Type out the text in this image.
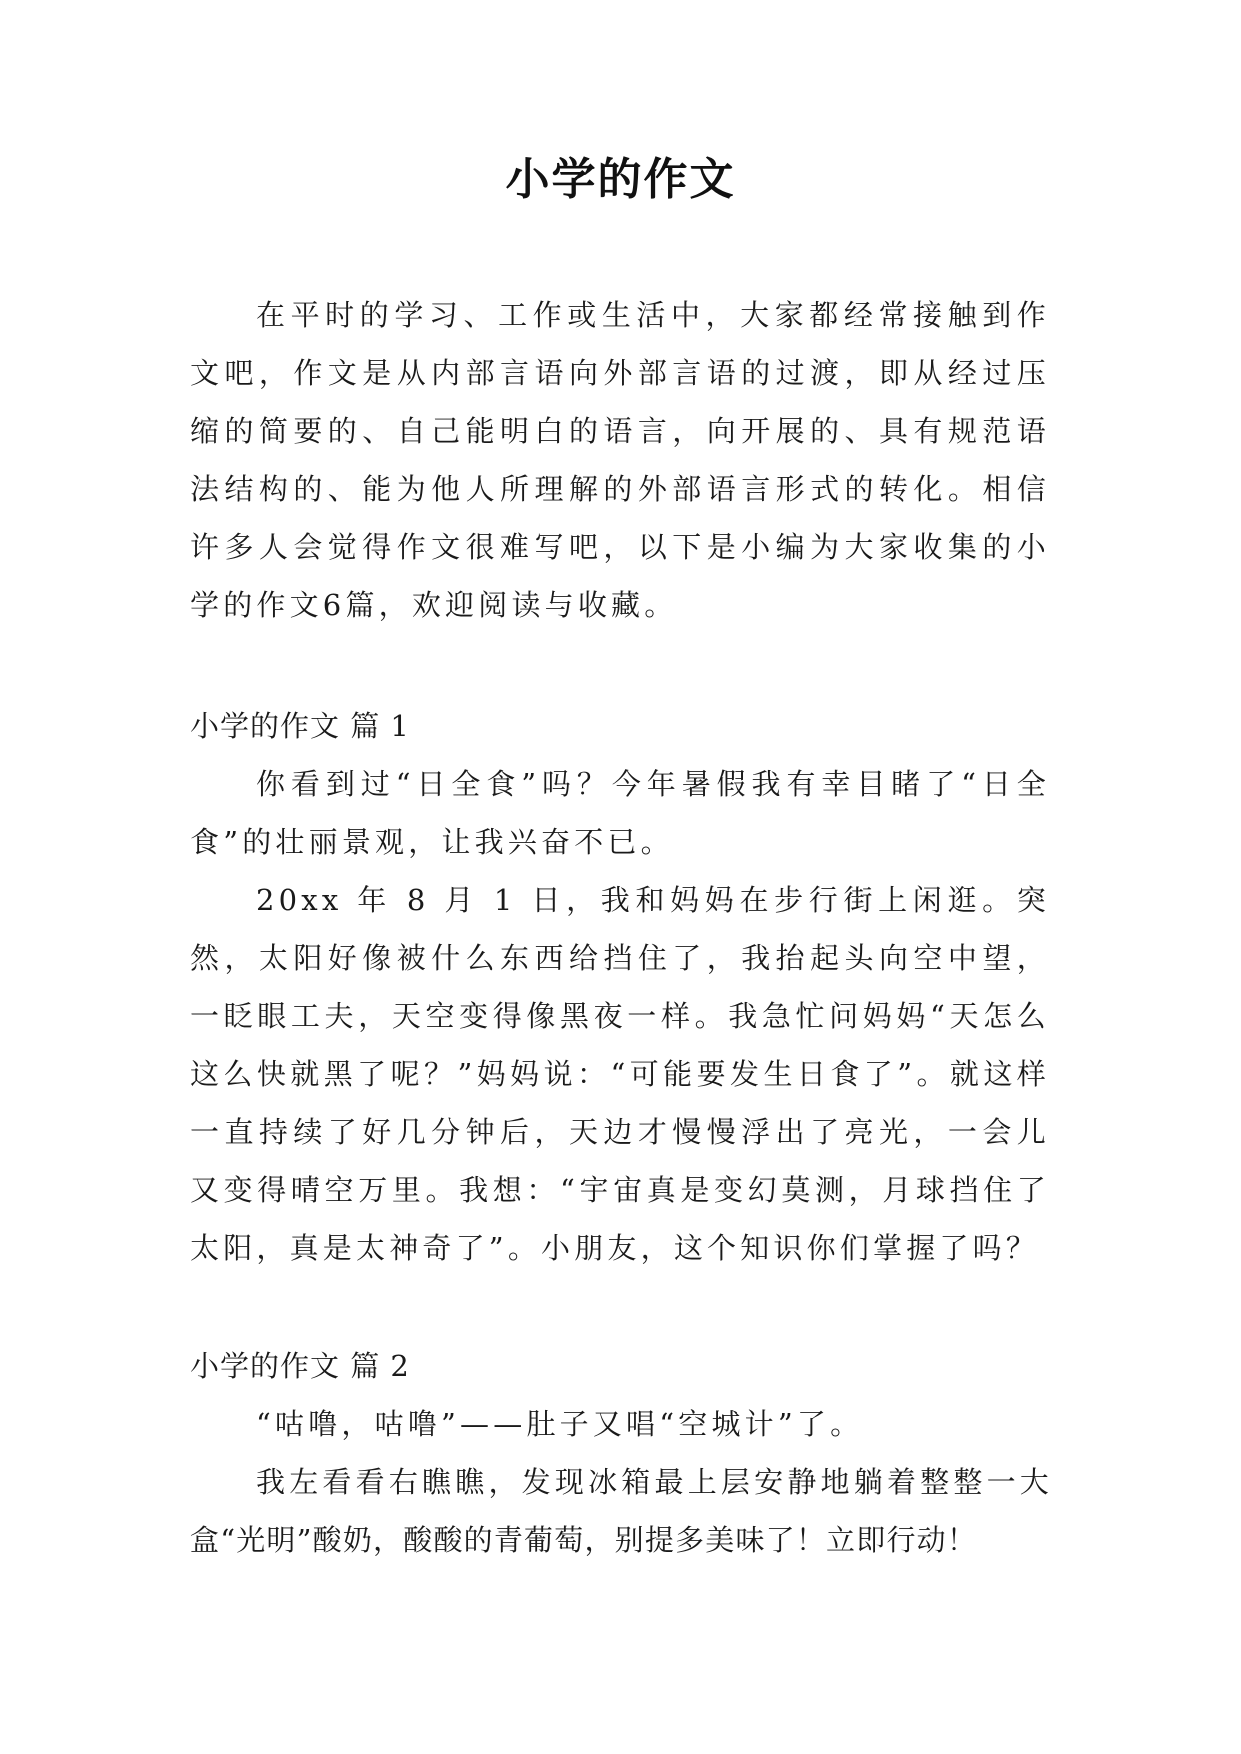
小学的作文

在平时的学习、工作或生活中，大家都经常接触到作文吧，作文是从内部言语向外部言语的过渡，即从经过压缩的简要的、自己能明白的语言，向开展的、具有规范语法结构的、能为他人所理解的外部语言形式的转化。相信许多人会觉得作文很难写吧，以下是小编为大家收集的小学的作文6篇，欢迎阅读与收藏。

小学的作文 篇 1

你看到过“日全食”吗？今年暑假我有幸目睹了“日全食”的壮丽景观，让我兴奋不已。

20xx 年 8 月 1 日，我和妈妈在步行街上闲逛。突然，太阳好像被什么东西给挡住了，我抬起头向空中望，一眨眼工夫，天空变得像黑夜一样。我急忙问妈妈“天怎么这么快就黑了呢？”妈妈说：“可能要发生日食了”。就这样一直持续了好几分钟后，天边才慢慢浮出了亮光，一会儿又变得晴空万里。我想：“宇宙真是变幻莫测，月球挡住了太阳，真是太神奇了”。小朋友，这个知识你们掌握了吗？

小学的作文 篇 2

“咕噜，咕噜”——肚子又唱“空城计”了。

我左看看右瞧瞧，发现冰箱最上层安静地躺着整整一大盒“光明”酸奶，酸酸的青葡萄，别提多美味了！立即行动！
